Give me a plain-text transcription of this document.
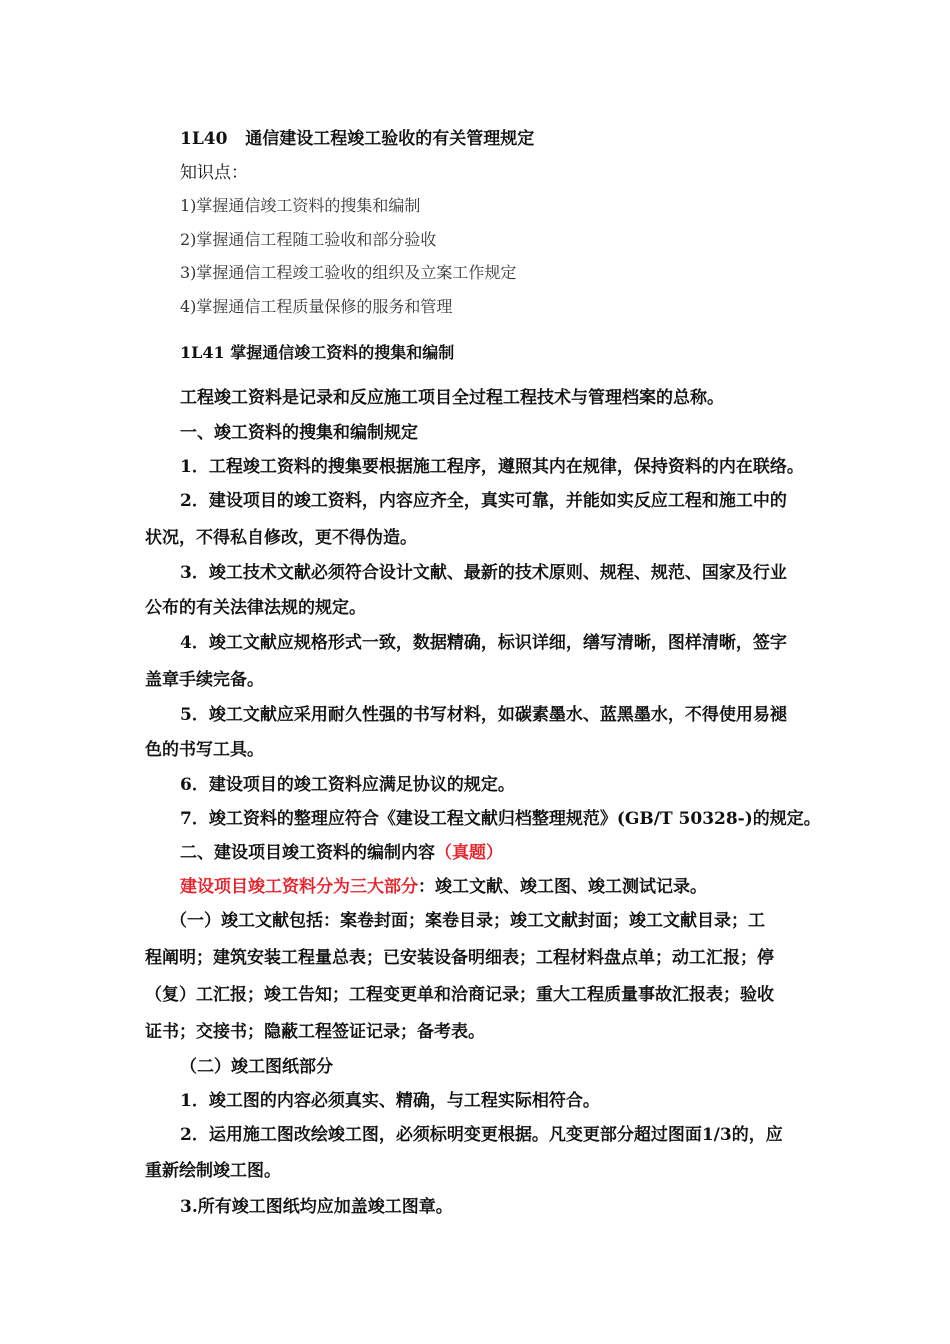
1L40 通信建设工程竣工验收的有关管理规定
知识点：
1)掌握通信竣工资料的搜集和编制
2)掌握通信工程随工验收和部分验收
3)掌握通信工程竣工验收的组织及立案工作规定
4)掌握通信工程质量保修的服务和管理
1L41 掌握通信竣工资料的搜集和编制
工程竣工资料是记录和反应施工项目全过程工程技术与管理档案的总称。
一、竣工资料的搜集和编制规定
1．工程竣工资料的搜集要根据施工程序，遵照其内在规律，保持资料的内在联络。
2．建设项目的竣工资料，内容应齐全，真实可靠，并能如实反应工程和施工中的
状况，不得私自修改，更不得伪造。
3．竣工技术文献必须符合设计文献、最新的技术原则、规程、规范、国家及行业
公布的有关法律法规的规定。
4．竣工文献应规格形式一致，数据精确，标识详细，缮写清晰，图样清晰，签字
盖章手续完备。
5．竣工文献应采用耐久性强的书写材料，如碳素墨水、蓝黑墨水，不得使用易褪
色的书写工具。
6．建设项目的竣工资料应满足协议的规定。
7．竣工资料的整理应符合《建设工程文献归档整理规范》(GB/T 50328-)的规定。
二、建设项目竣工资料的编制内容（真题）
建设项目竣工资料分为三大部分：竣工文献、竣工图、竣工测试记录。
（一）竣工文献包括：案卷封面；案卷目录；竣工文献封面；竣工文献目录；工
程阐明；建筑安装工程量总表；已安装设备明细表；工程材料盘点单；动工汇报；停
（复）工汇报；竣工告知；工程变更单和洽商记录；重大工程质量事故汇报表；验收
证书；交接书；隐蔽工程签证记录；备考表。
（二）竣工图纸部分
1．竣工图的内容必须真实、精确，与工程实际相符合。
2．运用施工图改绘竣工图，必须标明变更根据。凡变更部分超过图面1/3的，应
重新绘制竣工图。
3.所有竣工图纸均应加盖竣工图章。
